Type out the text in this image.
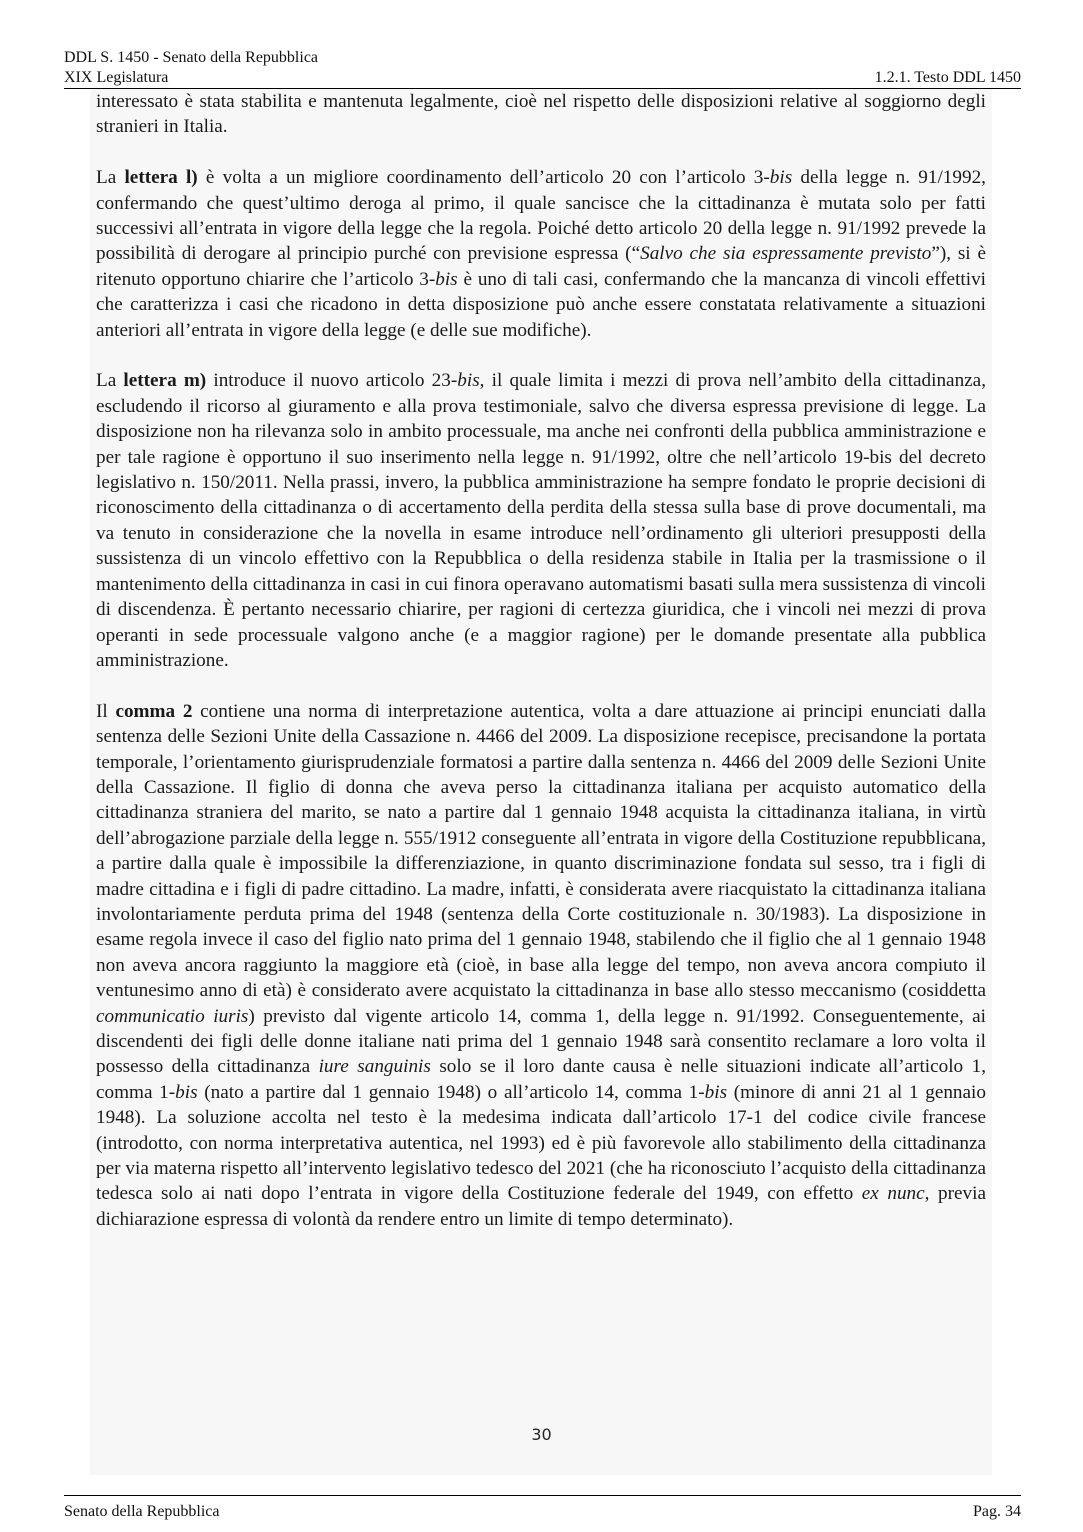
DDL S. 1450 - Senato della Repubblica
XIX Legislatura	1.2.1. Testo DDL 1450

interessato è stata stabilita e mantenuta legalmente, cioè nel rispetto delle disposizioni relative al soggiorno degli stranieri in Italia.

La lettera l) è volta a un migliore coordinamento dell’articolo 20 con l’articolo 3-bis della legge n. 91/1992, confermando che quest’ultimo deroga al primo, il quale sancisce che la cittadinanza è mutata solo per fatti successivi all’entrata in vigore della legge che la regola. Poiché detto articolo 20 della legge n. 91/1992 prevede la possibilità di derogare al principio purché con previsione espressa (“Salvo che sia espressamente previsto”), si è ritenuto opportuno chiarire che l’articolo 3-bis è uno di tali casi, confermando che la mancanza di vincoli effettivi che caratterizza i casi che ricadono in detta disposizione può anche essere constatata relativamente a situazioni anteriori all’entrata in vigore della legge (e delle sue modifiche).

La lettera m) introduce il nuovo articolo 23-bis, il quale limita i mezzi di prova nell’ambito della cittadinanza, escludendo il ricorso al giuramento e alla prova testimoniale, salvo che diversa espressa previsione di legge. La disposizione non ha rilevanza solo in ambito processuale, ma anche nei confronti della pubblica amministrazione e per tale ragione è opportuno il suo inserimento nella legge n. 91/1992, oltre che nell’articolo 19-bis del decreto legislativo n. 150/2011. Nella prassi, invero, la pubblica amministrazione ha sempre fondato le proprie decisioni di riconoscimento della cittadinanza o di accertamento della perdita della stessa sulla base di prove documentali, ma va tenuto in considerazione che la novella in esame introduce nell’ordinamento gli ulteriori presupposti della sussistenza di un vincolo effettivo con la Repubblica o della residenza stabile in Italia per la trasmissione o il mantenimento della cittadinanza in casi in cui finora operavano automatismi basati sulla mera sussistenza di vincoli di discendenza. È pertanto necessario chiarire, per ragioni di certezza giuridica, che i vincoli nei mezzi di prova operanti in sede processuale valgono anche (e a maggior ragione) per le domande presentate alla pubblica amministrazione.

Il comma 2 contiene una norma di interpretazione autentica, volta a dare attuazione ai principi enunciati dalla sentenza delle Sezioni Unite della Cassazione n. 4466 del 2009. La disposizione recepisce, precisandone la portata temporale, l’orientamento giurisprudenziale formatosi a partire dalla sentenza n. 4466 del 2009 delle Sezioni Unite della Cassazione. Il figlio di donna che aveva perso la cittadinanza italiana per acquisto automatico della cittadinanza straniera del marito, se nato a partire dal 1 gennaio 1948 acquista la cittadinanza italiana, in virtù dell’abrogazione parziale della legge n. 555/1912 conseguente all’entrata in vigore della Costituzione repubblicana, a partire dalla quale è impossibile la differenziazione, in quanto discriminazione fondata sul sesso, tra i figli di madre cittadina e i figli di padre cittadino. La madre, infatti, è considerata avere riacquistato la cittadinanza italiana involontariamente perduta prima del 1948 (sentenza della Corte costituzionale n. 30/1983). La disposizione in esame regola invece il caso del figlio nato prima del 1 gennaio 1948, stabilendo che il figlio che al 1 gennaio 1948 non aveva ancora raggiunto la maggiore età (cioè, in base alla legge del tempo, non aveva ancora compiuto il ventunesimo anno di età) è considerato avere acquistato la cittadinanza in base allo stesso meccanismo (cosiddetta communicatio iuris) previsto dal vigente articolo 14, comma 1, della legge n. 91/1992. Conseguentemente, ai discendenti dei figli delle donne italiane nati prima del 1 gennaio 1948 sarà consentito reclamare a loro volta il possesso della cittadinanza iure sanguinis solo se il loro dante causa è nelle situazioni indicate all’articolo 1, comma 1-bis (nato a partire dal 1 gennaio 1948) o all’articolo 14, comma 1-bis (minore di anni 21 al 1 gennaio 1948). La soluzione accolta nel testo è la medesima indicata dall’articolo 17-1 del codice civile francese (introdotto, con norma interpretativa autentica, nel 1993) ed è più favorevole allo stabilimento della cittadinanza per via materna rispetto all’intervento legislativo tedesco del 2021 (che ha riconosciuto l’acquisto della cittadinanza tedesca solo ai nati dopo l’entrata in vigore della Costituzione federale del 1949, con effetto ex nunc, previa dichiarazione espressa di volontà da rendere entro un limite di tempo determinato).

30
Senato della Repubblica	Pag. 34
